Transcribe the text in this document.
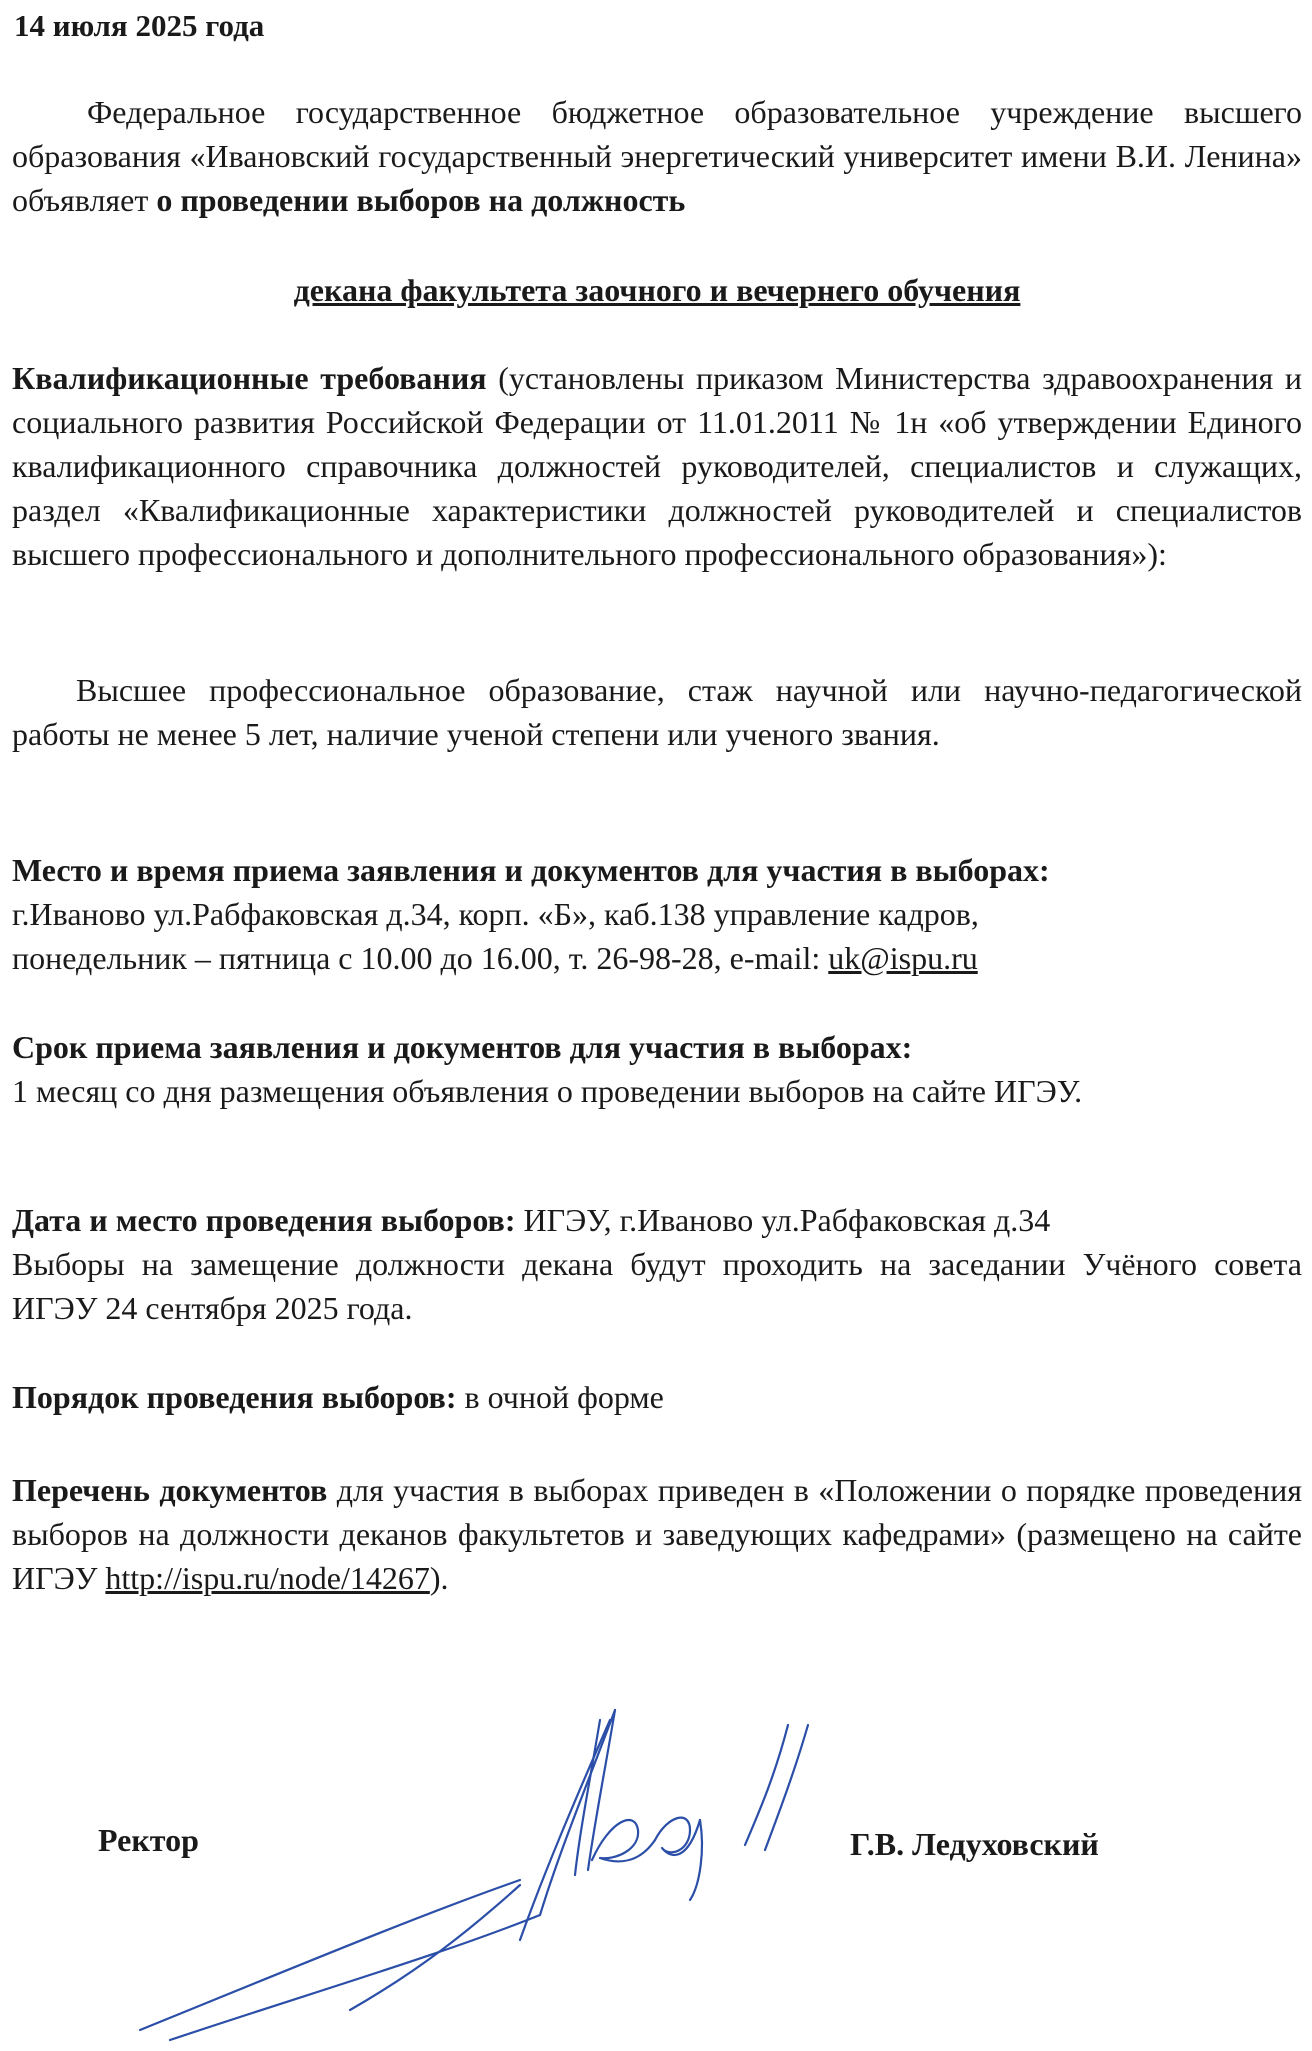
14 июля 2025 года

Федеральное государственное бюджетное образовательное учреждение высшего образования «Ивановский государственный энергетический университет имени В.И. Ленина» объявляет о проведении выборов на должность

декана факультета заочного и вечернего обучения

Квалификационные требования (установлены приказом Министерства здравоохранения и социального развития Российской Федерации от 11.01.2011 № 1н «об утверждении Единого квалификационного справочника должностей руководителей, специалистов и служащих, раздел «Квалификационные характеристики должностей руководителей и специалистов высшего профессионального и дополнительного профессионального образования»):

Высшее профессиональное образование, стаж научной или научно-педагогической работы не менее 5 лет, наличие ученой степени или ученого звания.

Место и время приема заявления и документов для участия в выборах:
г.Иваново ул.Рабфаковская д.34, корп. «Б», каб.138 управление кадров,
понедельник – пятница с 10.00 до 16.00, т. 26-98-28, e-mail: uk@ispu.ru

Срок приема заявления и документов для участия в выборах:
1 месяц со дня размещения объявления о проведении выборов на сайте ИГЭУ.

Дата и место проведения выборов: ИГЭУ, г.Иваново ул.Рабфаковская д.34
Выборы на замещение должности декана будут проходить на заседании Учёного совета ИГЭУ 24 сентября 2025 года.

Порядок проведения выборов: в очной форме

Перечень документов для участия в выборах приведен в «Положении о порядке проведения выборов на должности деканов факультетов и заведующих кафедрами» (размещено на сайте ИГЭУ http://ispu.ru/node/14267).

Ректор	Г.В. Ледуховский
